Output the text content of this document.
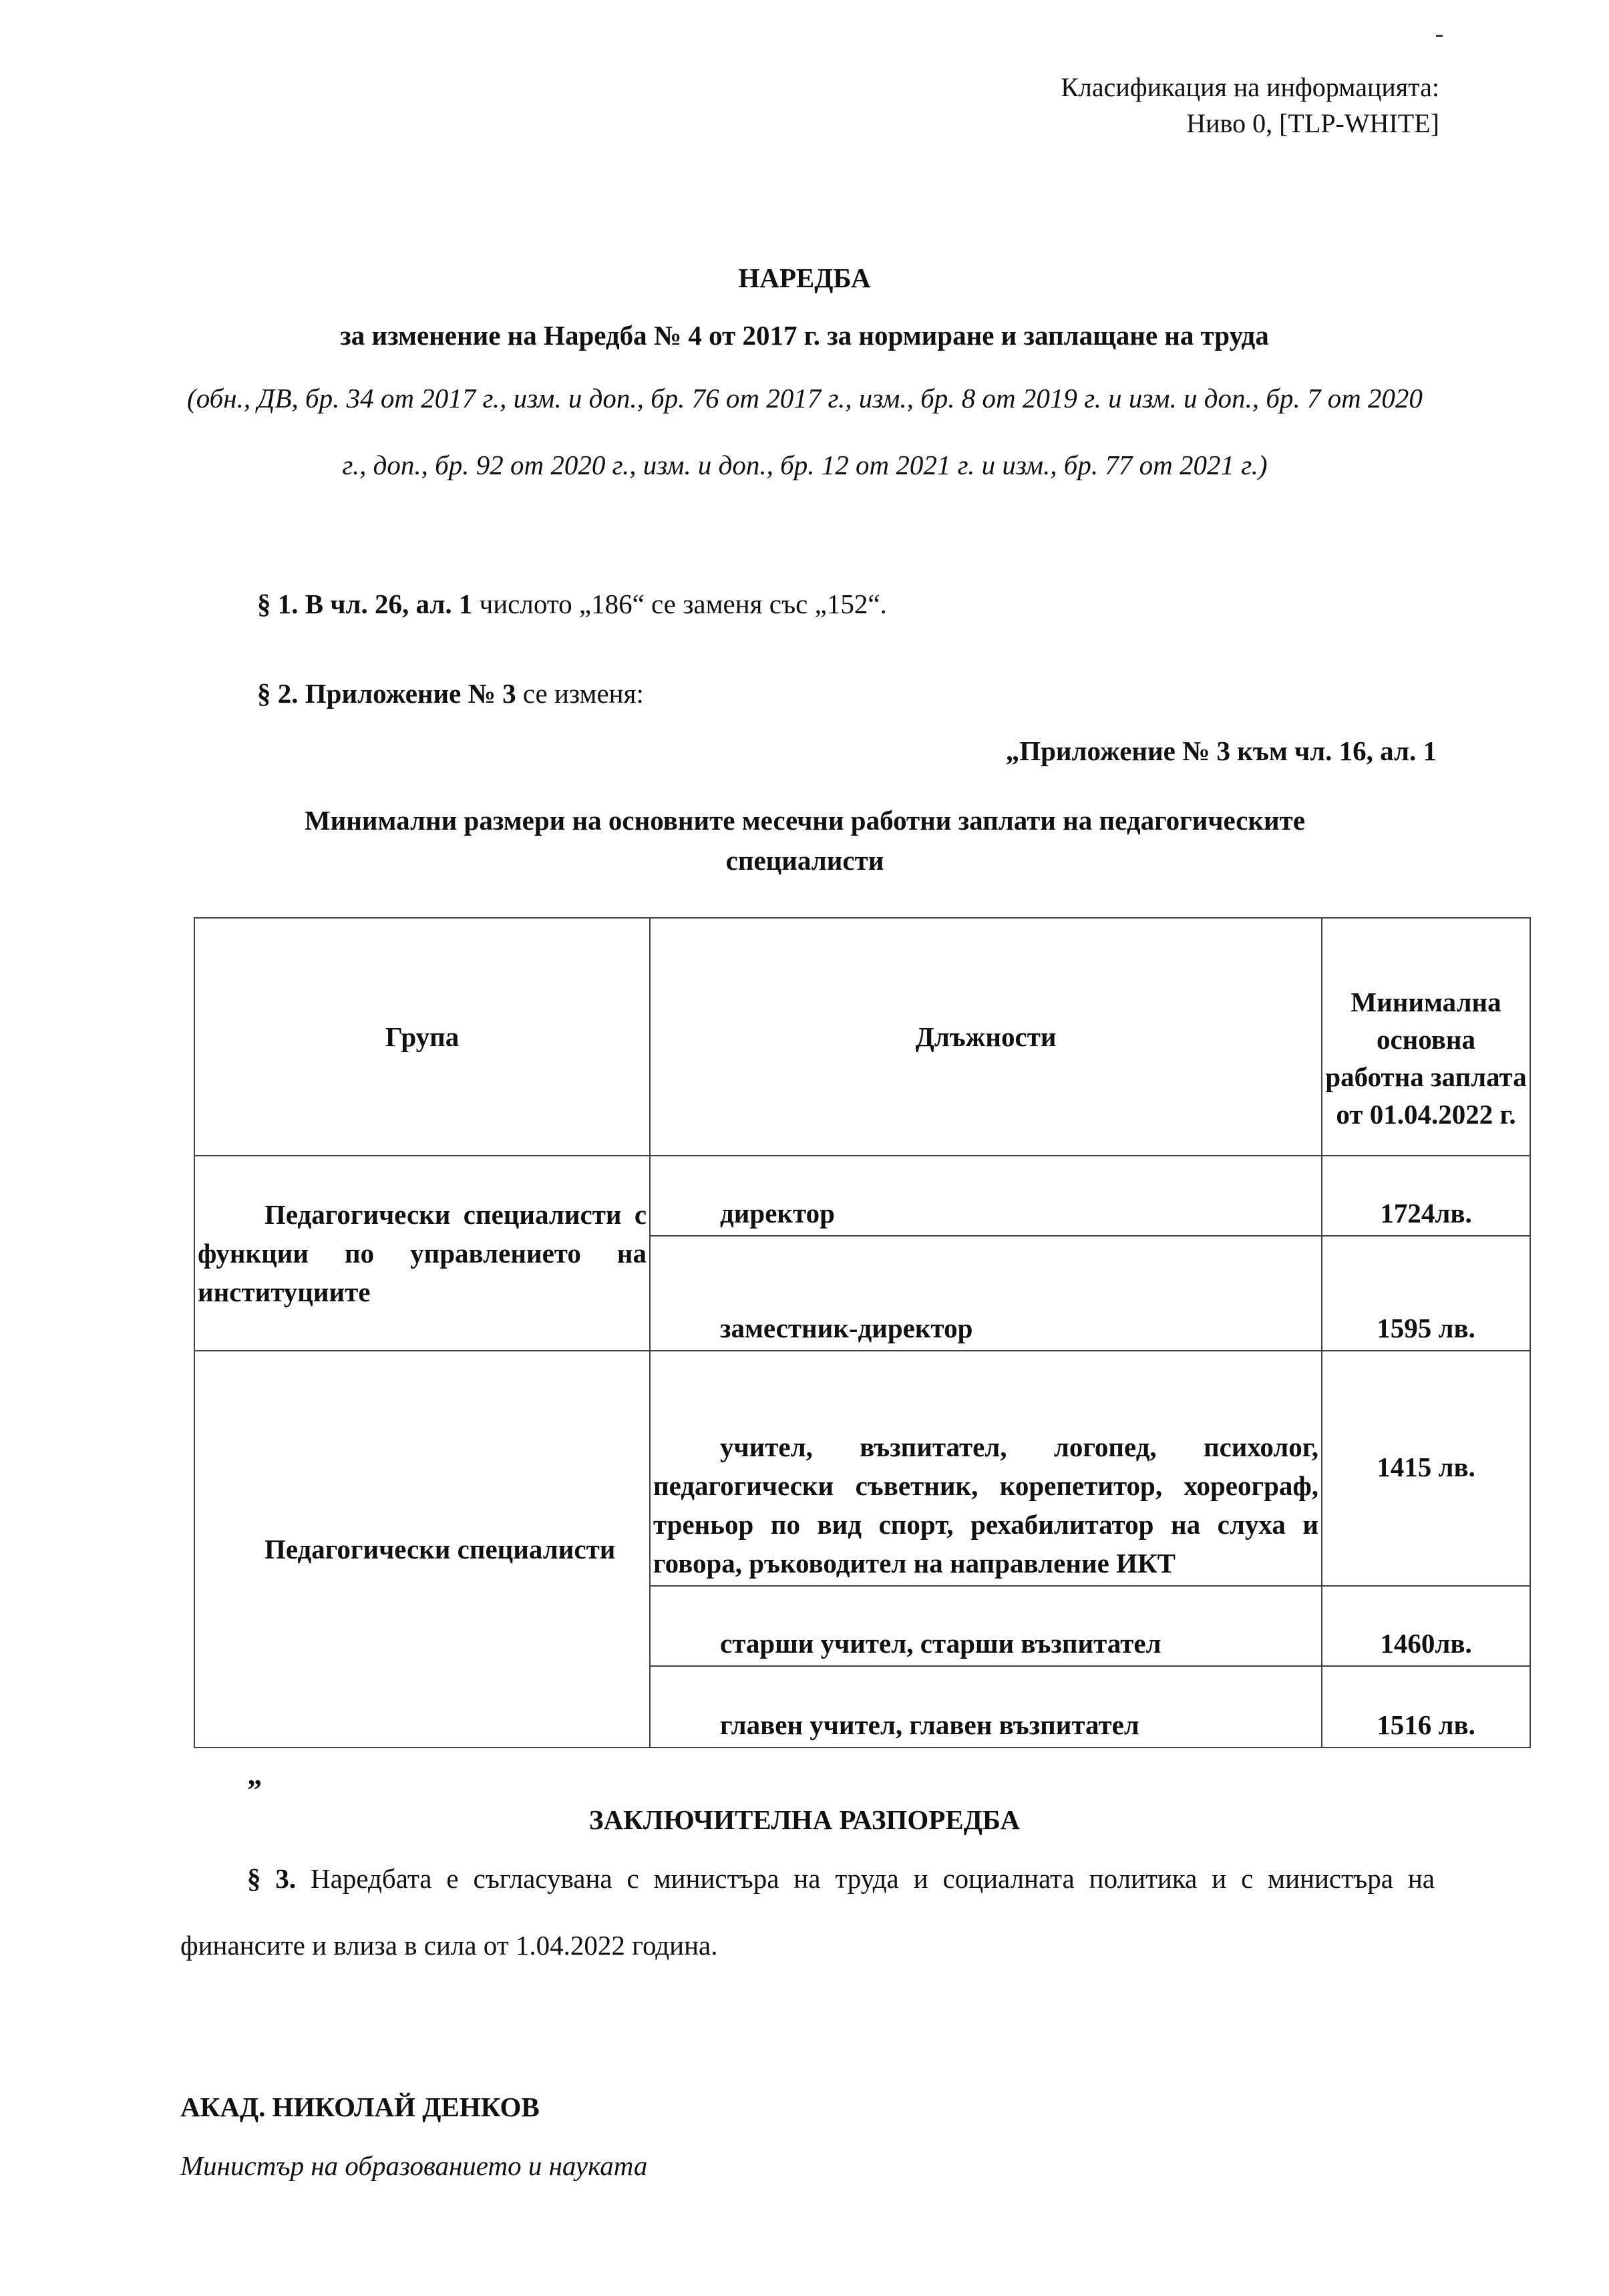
Класификация на информацията:
Ниво 0, [TLP-WHITE]
НАРЕДБА
за изменение на Наредба № 4 от 2017 г. за нормиране и заплащане на труда
(обн., ДВ, бр. 34 от 2017 г., изм. и доп., бр. 76 от 2017 г., изм., бр. 8 от 2019 г. и изм. и доп., бр. 7 от 2020 г., доп., бр. 92 от 2020 г., изм. и доп., бр. 12 от 2021 г. и изм., бр. 77 от 2021 г.)
§ 1. В чл. 26, ал. 1 числото „186“ се заменя със „152“.
§ 2. Приложение № 3 се изменя:
„Приложение № 3 към чл. 16, ал. 1
Минимални размери на основните месечни работни заплати на педагогическите специалисти
Група	Длъжности	Минимална основна работна заплата от 01.04.2022 г.

Педагогически специалисти с функции по управлението на институциите	директор	1724лв.
	заместник-директор	1595 лв.

Педагогически специалисти	учител, възпитател, логопед, психолог, педагогически съветник, корепетитор, хореограф, треньор по вид спорт, рехабилитатор на слуха и говора, ръководител на направление ИКТ	1415 лв.
	старши учител, старши възпитател	1460лв.
	главен учител, главен възпитател	1516 лв.
”
ЗАКЛЮЧИТЕЛНА РАЗПОРЕДБА
§ 3. Наредбата е съгласувана с министъра на труда и социалната политика и с министъра на финансите и влиза в сила от 1.04.2022 година.
АКАД. НИКОЛАЙ ДЕНКОВ
Министър на образованието и науката
